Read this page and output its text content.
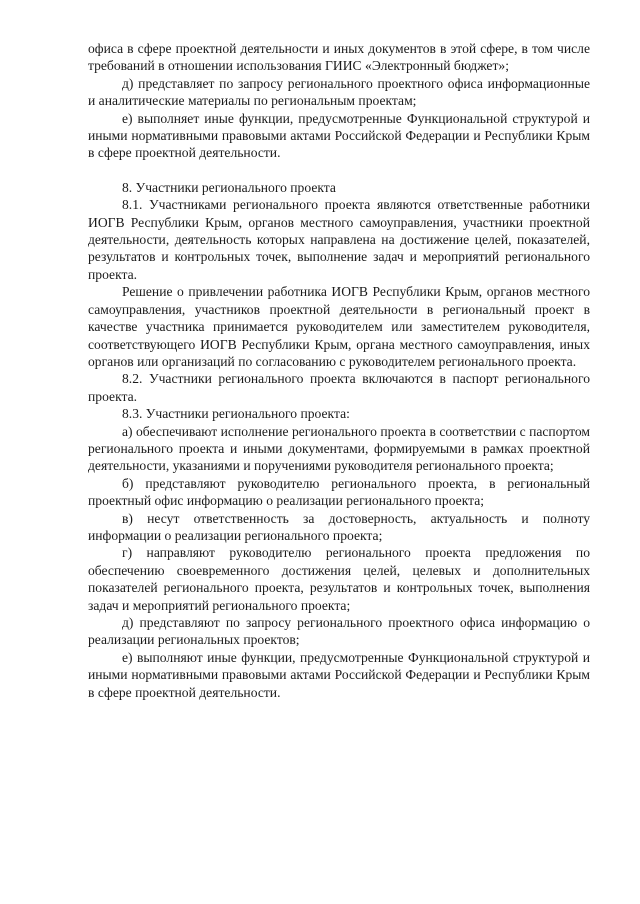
офиса в сфере проектной деятельности и иных документов в этой сфере, в том числе требований в отношении использования ГИИС «Электронный бюджет»;

д) представляет по запросу регионального проектного офиса информационные и аналитические материалы по региональным проектам;

е) выполняет иные функции, предусмотренные Функциональной структурой и иными нормативными правовыми актами Российской Федерации и Республики Крым в сфере проектной деятельности.

8. Участники регионального проекта

8.1. Участниками регионального проекта являются ответственные работники ИОГВ Республики Крым, органов местного самоуправления, участники проектной деятельности, деятельность которых направлена на достижение целей, показателей, результатов и контрольных точек, выполнение задач и мероприятий регионального проекта.

Решение о привлечении работника ИОГВ Республики Крым, органов местного самоуправления, участников проектной деятельности в региональный проект в качестве участника принимается руководителем или заместителем руководителя, соответствующего ИОГВ Республики Крым, органа местного самоуправления, иных органов или организаций по согласованию с руководителем регионального проекта.

8.2. Участники регионального проекта включаются в паспорт регионального проекта.

8.3. Участники регионального проекта:

а) обеспечивают исполнение регионального проекта в соответствии с паспортом регионального проекта и иными документами, формируемыми в рамках проектной деятельности, указаниями и поручениями руководителя регионального проекта;

б) представляют руководителю регионального проекта, в региональный проектный офис информацию о реализации регионального проекта;

в) несут ответственность за достоверность, актуальность и полноту информации о реализации регионального проекта;

г) направляют руководителю регионального проекта предложения по обеспечению своевременного достижения целей, целевых и дополнительных показателей регионального проекта, результатов и контрольных точек, выполнения задач и мероприятий регионального проекта;

д) представляют по запросу регионального проектного офиса информацию о реализации региональных проектов;

е) выполняют иные функции, предусмотренные Функциональной структурой и иными нормативными правовыми актами Российской Федерации и Республики Крым в сфере проектной деятельности.
